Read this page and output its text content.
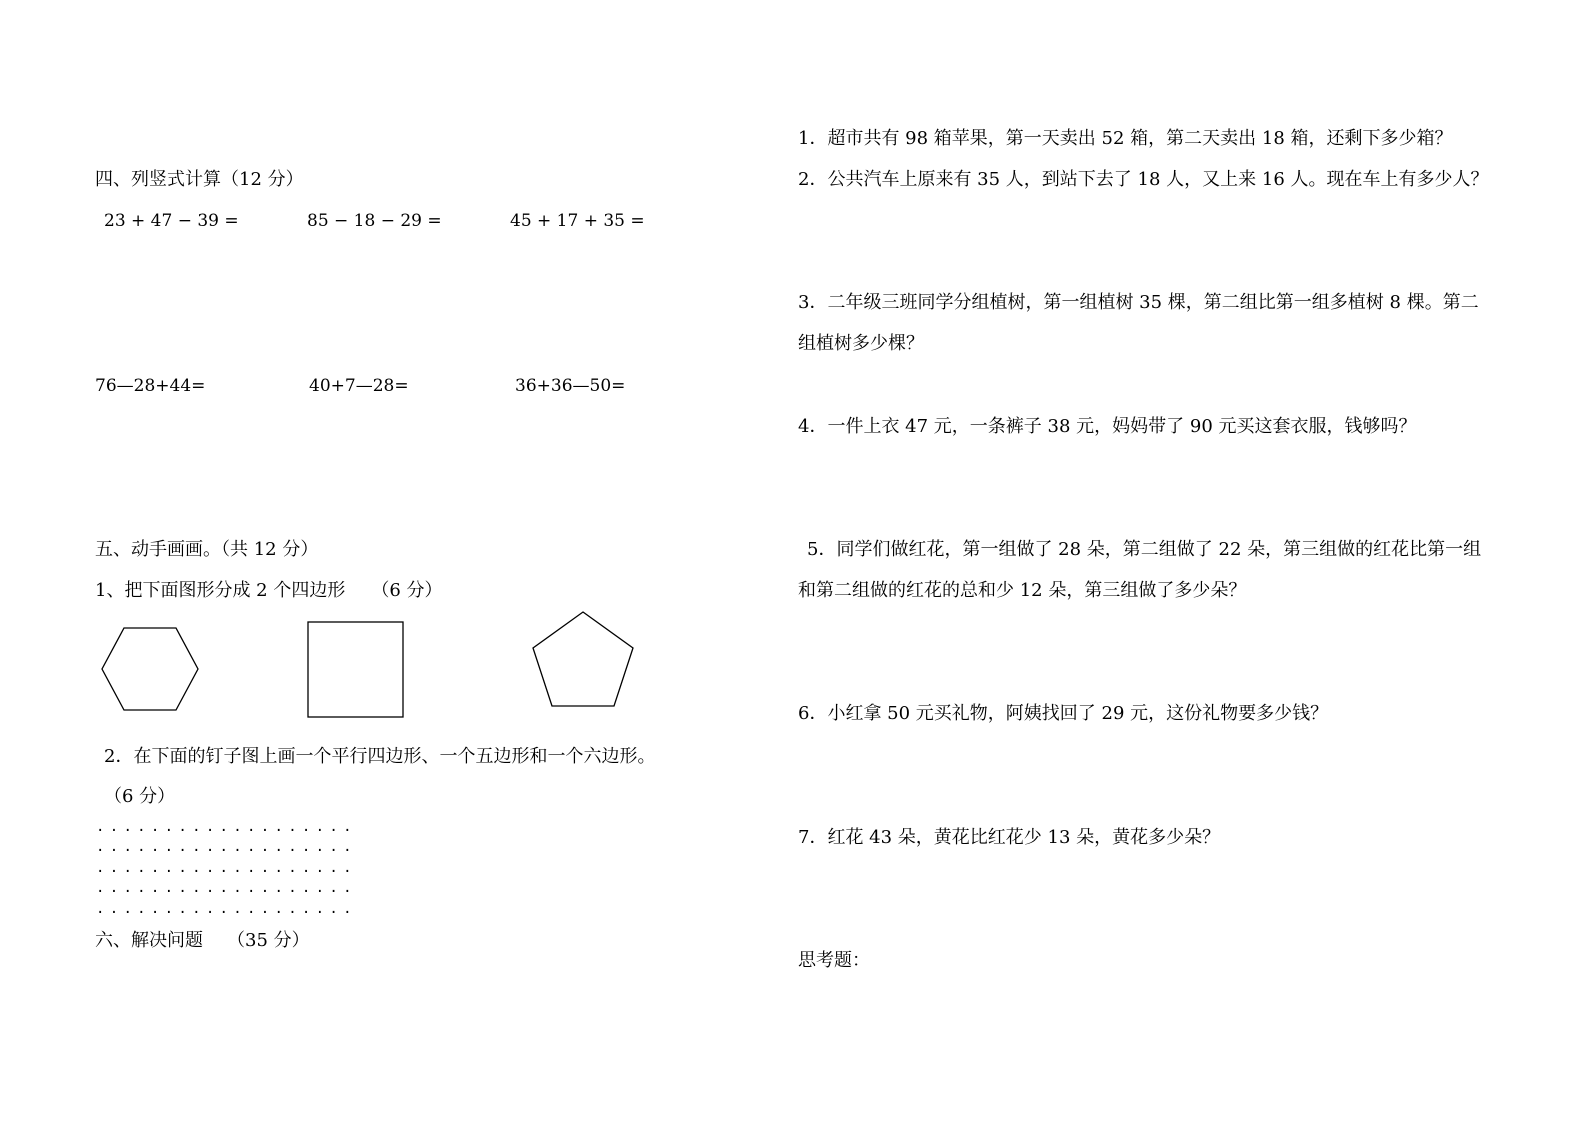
四、列竖式计算（12 分）
23 + 47 − 39 =	85 − 18 − 29 =	45 + 17 + 35 =
76—28+44=	40+7—28=	36+36—50=
五、动手画画。（共 12 分）
1、把下面图形分成 2 个四边形 （6 分）
2．在下面的钉子图上画一个平行四边形、一个五边形和一个六边形。
（6 分）
...................
...................
...................
...................
...................
六、解决问题 （35 分）
1．超市共有 98 箱苹果，第一天卖出 52 箱，第二天卖出 18 箱，还剩下多少箱？
2．公共汽车上原来有 35 人，到站下去了 18 人，又上来 16 人。现在车上有多少人？
3．二年级三班同学分组植树，第一组植树 35 棵，第二组比第一组多植树 8 棵。第二
组植树多少棵？
4．一件上衣 47 元，一条裤子 38 元，妈妈带了 90 元买这套衣服，钱够吗？
5．同学们做红花，第一组做了 28 朵，第二组做了 22 朵，第三组做的红花比第一组
和第二组做的红花的总和少 12 朵，第三组做了多少朵？
6．小红拿 50 元买礼物，阿姨找回了 29 元，这份礼物要多少钱？
7．红花 43 朵，黄花比红花少 13 朵，黄花多少朵？
思考题：
